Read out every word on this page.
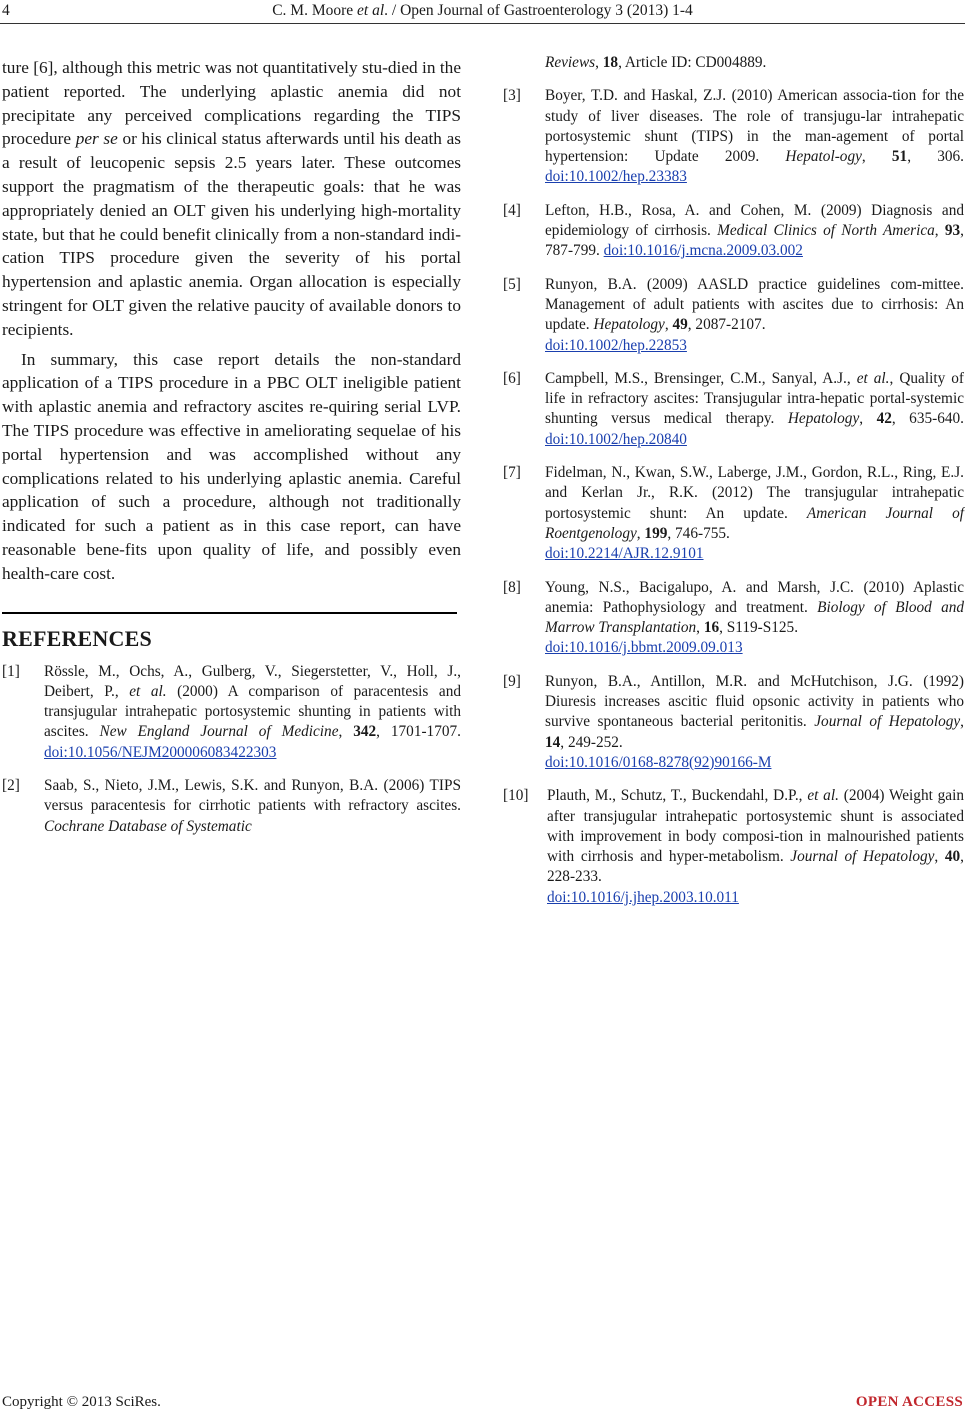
4	C. M. Moore et al. / Open Journal of Gastroenterology 3 (2013) 1-4

ture [6], although this metric was not quantitatively stu-died in the patient reported. The underlying aplastic anemia did not precipitate any perceived complications regarding the TIPS procedure per se or his clinical status afterwards until his death as a result of leucopenic sepsis 2.5 years later. These outcomes support the pragmatism of the therapeutic goals: that he was appropriately denied an OLT given his underlying high-mortality state, but that he could benefit clinically from a non-standard indi-cation TIPS procedure given the severity of his portal hypertension and aplastic anemia. Organ allocation is especially stringent for OLT given the relative paucity of available donors to recipients.

In summary, this case report details the non-standard application of a TIPS procedure in a PBC OLT ineligible patient with aplastic anemia and refractory ascites re-quiring serial LVP. The TIPS procedure was effective in ameliorating sequelae of his portal hypertension and was accomplished without any complications related to his underlying aplastic anemia. Careful application of such a procedure, although not traditionally indicated for such a patient as in this case report, can have reasonable bene-fits upon quality of life, and possibly even health-care cost.

REFERENCES
[1] Rössle, M., Ochs, A., Gulberg, V., Siegerstetter, V., Holl, J., Deibert, P., et al. (2000) A comparison of paracentesis and transjugular intrahepatic portosystemic shunting in patients with ascites. New England Journal of Medicine, 342, 1701-1707. doi:10.1056/NEJM200006083422303
[2] Saab, S., Nieto, J.M., Lewis, S.K. and Runyon, B.A. (2006) TIPS versus paracentesis for cirrhotic patients with refractory ascites. Cochrane Database of Systematic
Reviews, 18, Article ID: CD004889.
[3] Boyer, T.D. and Haskal, Z.J. (2010) American associa-tion for the study of liver diseases. The role of transjugu-lar intrahepatic portosystemic shunt (TIPS) in the man-agement of portal hypertension: Update 2009. Hepatol-ogy, 51, 306. doi:10.1002/hep.23383
[4] Lefton, H.B., Rosa, A. and Cohen, M. (2009) Diagnosis and epidemiology of cirrhosis. Medical Clinics of North America, 93, 787-799. doi:10.1016/j.mcna.2009.03.002
[5] Runyon, B.A. (2009) AASLD practice guidelines com-mittee. Management of adult patients with ascites due to cirrhosis: An update. Hepatology, 49, 2087-2107.
doi:10.1002/hep.22853
[6] Campbell, M.S., Brensinger, C.M., Sanyal, A.J., et al., Quality of life in refractory ascites: Transjugular intra-hepatic portal-systemic shunting versus medical therapy. Hepatology, 42, 635-640. doi:10.1002/hep.20840
[7] Fidelman, N., Kwan, S.W., Laberge, J.M., Gordon, R.L., Ring, E.J. and Kerlan Jr., R.K. (2012) The transjugular intrahepatic portosystemic shunt: An update. American Journal of Roentgenology, 199, 746-755.
doi:10.2214/AJR.12.9101
[8] Young, N.S., Bacigalupo, A. and Marsh, J.C. (2010) Aplastic anemia: Pathophysiology and treatment. Biology of Blood and Marrow Transplantation, 16, S119-S125.
doi:10.1016/j.bbmt.2009.09.013
[9] Runyon, B.A., Antillon, M.R. and McHutchison, J.G. (1992) Diuresis increases ascitic fluid opsonic activity in patients who survive spontaneous bacterial peritonitis. Journal of Hepatology, 14, 249-252.
doi:10.1016/0168-8278(92)90166-M
[10] Plauth, M., Schutz, T., Buckendahl, D.P., et al. (2004) Weight gain after transjugular intrahepatic portosystemic shunt is associated with improvement in body composi-tion in malnourished patients with cirrhosis and hyper-metabolism. Journal of Hepatology, 40, 228-233.
doi:10.1016/j.jhep.2003.10.011
Copyright © 2013 SciRes.	OPEN ACCESS
